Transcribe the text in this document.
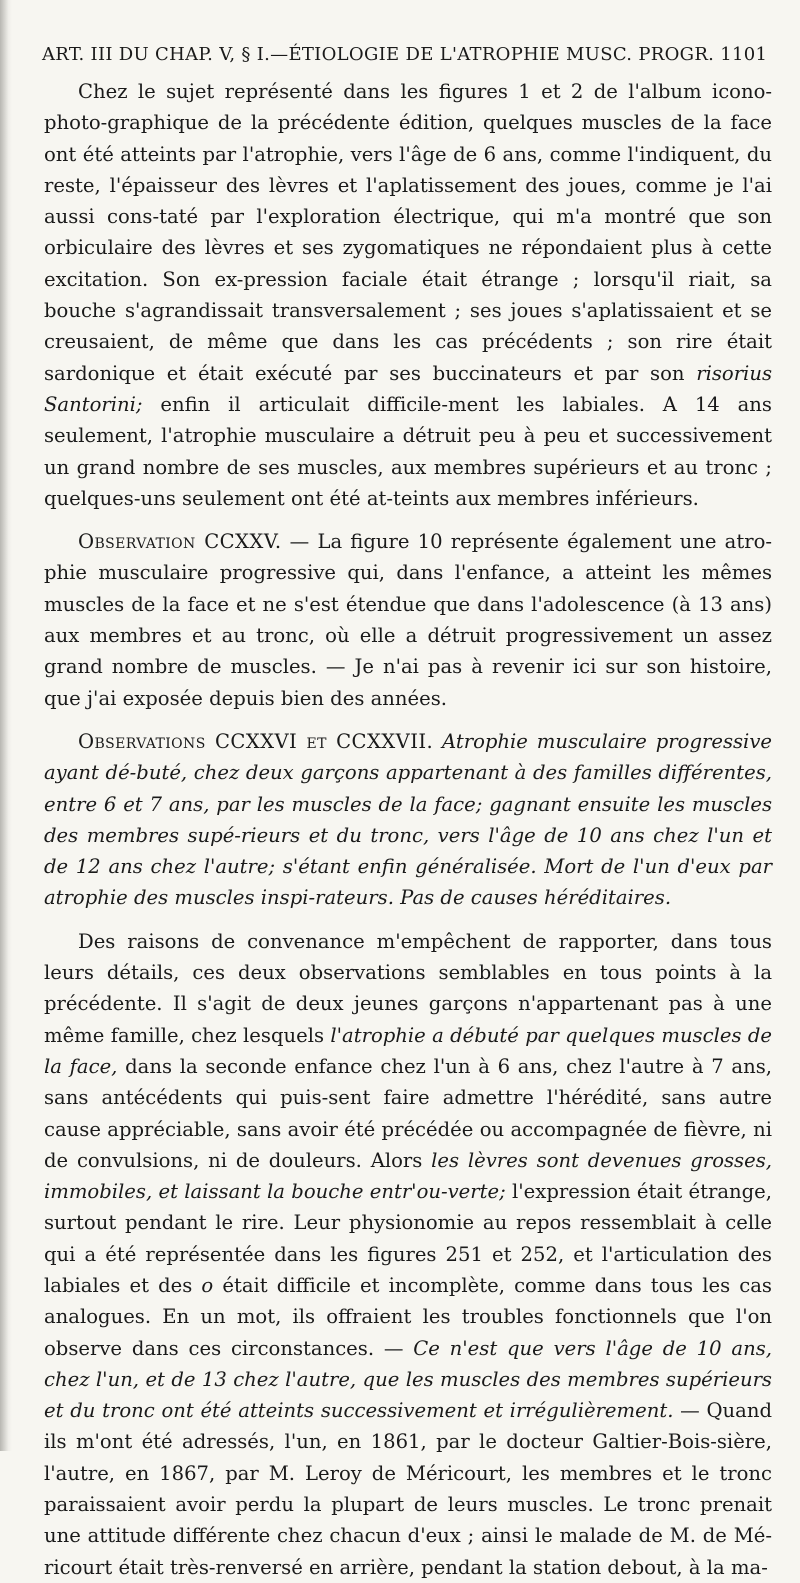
ART. III DU CHAP. V, § I.—ÉTIOLOGIE DE L'ATROPHIE MUSC. PROGR. 1101

Chez le sujet représenté dans les figures 1 et 2 de l'album icono-photo-graphique de la précédente édition, quelques muscles de la face ont été atteints par l'atrophie, vers l'âge de 6 ans, comme l'indiquent, du reste, l'épaisseur des lèvres et l'aplatissement des joues, comme je l'ai aussi cons-taté par l'exploration électrique, qui m'a montré que son orbiculaire des lèvres et ses zygomatiques ne répondaient plus à cette excitation. Son ex-pression faciale était étrange ; lorsqu'il riait, sa bouche s'agrandissait transversalement ; ses joues s'aplatissaient et se creusaient, de même que dans les cas précédents ; son rire était sardonique et était exécuté par ses buccinateurs et par son risorius Santorini; enfin il articulait difficile-ment les labiales. A 14 ans seulement, l'atrophie musculaire a détruit peu à peu et successivement un grand nombre de ses muscles, aux membres supérieurs et au tronc ; quelques-uns seulement ont été at-teints aux membres inférieurs.

Observation CCXXV. — La figure 10 représente également une atro-phie musculaire progressive qui, dans l'enfance, a atteint les mêmes muscles de la face et ne s'est étendue que dans l'adolescence (à 13 ans) aux membres et au tronc, où elle a détruit progressivement un assez grand nombre de muscles. — Je n'ai pas à revenir ici sur son histoire, que j'ai exposée depuis bien des années.

Observations CCXXVI et CCXXVII. Atrophie musculaire progressive ayant dé-buté, chez deux garçons appartenant à des familles différentes, entre 6 et 7 ans, par les muscles de la face; gagnant ensuite les muscles des membres supé-rieurs et du tronc, vers l'âge de 10 ans chez l'un et de 12 ans chez l'autre; s'étant enfin généralisée. Mort de l'un d'eux par atrophie des muscles inspi-rateurs. Pas de causes héréditaires.

Des raisons de convenance m'empêchent de rapporter, dans tous leurs détails, ces deux observations semblables en tous points à la précédente. Il s'agit de deux jeunes garçons n'appartenant pas à une même famille, chez lesquels l'atrophie a débuté par quelques muscles de la face, dans la seconde enfance chez l'un à 6 ans, chez l'autre à 7 ans, sans antécédents qui puis-sent faire admettre l'hérédité, sans autre cause appréciable, sans avoir été précédée ou accompagnée de fièvre, ni de convulsions, ni de douleurs. Alors les lèvres sont devenues grosses, immobiles, et laissant la bouche entr'ou-verte; l'expression était étrange, surtout pendant le rire. Leur physionomie au repos ressemblait à celle qui a été représentée dans les figures 251 et 252, et l'articulation des labiales et des o était difficile et incomplète, comme dans tous les cas analogues. En un mot, ils offraient les troubles fonctionnels que l'on observe dans ces circonstances. — Ce n'est que vers l'âge de 10 ans, chez l'un, et de 13 chez l'autre, que les muscles des membres supérieurs et du tronc ont été atteints successivement et irrégulièrement. — Quand ils m'ont été adressés, l'un, en 1861, par le docteur Galtier-Bois-sière, l'autre, en 1867, par M. Leroy de Méricourt, les membres et le tronc paraissaient avoir perdu la plupart de leurs muscles. Le tronc prenait une attitude différente chez chacun d'eux ; ainsi le malade de M. de Mé-ricourt était très-renversé en arrière, pendant la station debout, à la ma-
